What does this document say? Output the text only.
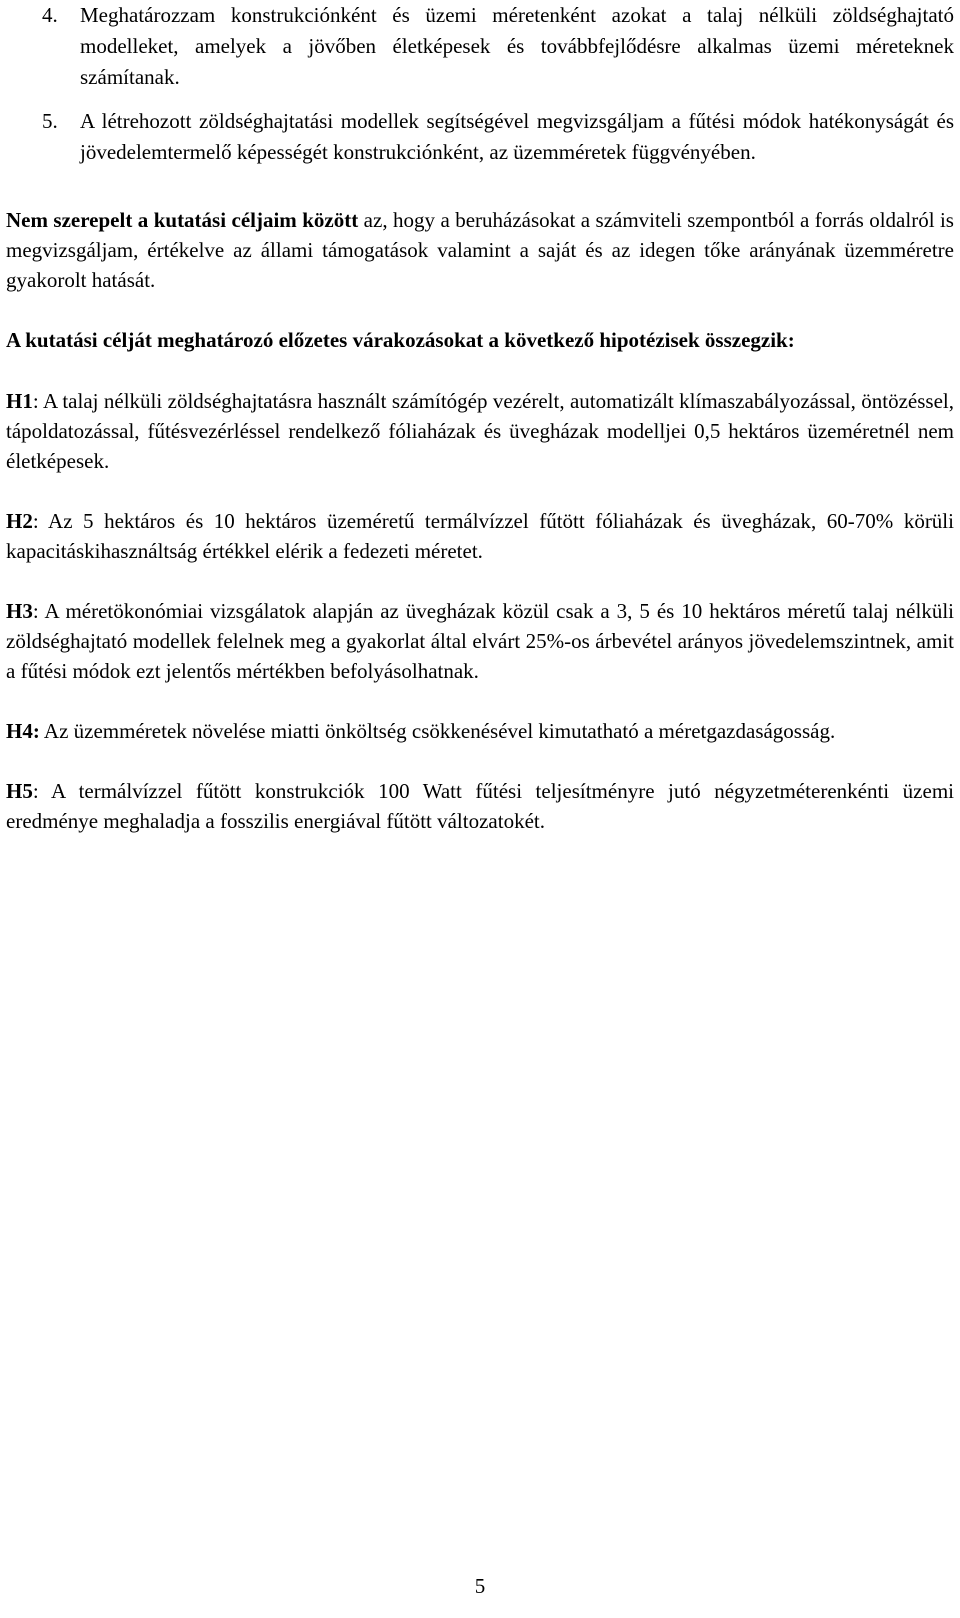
4. Meghatározzam konstrukciónként és üzemi méretenként azokat a talaj nélküli zöldséghajtató modelleket, amelyek a jövőben életképesek és továbbfejlődésre alkalmas üzemi méreteknek számítanak.
5. A létrehozott zöldséghajtatási modellek segítségével megvizsgáljam a fűtési módok hatékonyságát és jövedelemtermelő képességét konstrukciónként, az üzemméretek függvényében.

Nem szerepelt a kutatási céljaim között az, hogy a beruházásokat a számviteli szempontból a forrás oldalról is megvizsgáljam, értékelve az állami támogatások valamint a saját és az idegen tőke arányának üzemméretre gyakorolt hatását.

A kutatási célját meghatározó előzetes várakozásokat a következő hipotézisek összegzik:

H1: A talaj nélküli zöldséghajtatásra használt számítógép vezérelt, automatizált klímaszabályozással, öntözéssel, tápoldatozással, fűtésvezérléssel rendelkező fóliaházak és üvegházak modelljei 0,5 hektáros üzeméretnél nem életképesek.

H2: Az 5 hektáros és 10 hektáros üzeméretű termálvízzel fűtött fóliaházak és üvegházak, 60-70% körüli kapacitáskihasználtság értékkel elérik a fedezeti méretet.

H3: A méretökonómiai vizsgálatok alapján az üvegházak közül csak a 3, 5 és 10 hektáros méretű talaj nélküli zöldséghajtató modellek felelnek meg a gyakorlat által elvárt 25%-os árbevétel arányos jövedelemszintnek, amit a fűtési módok ezt jelentős mértékben befolyásolhatnak.

H4: Az üzemméretek növelése miatti önköltség csökkenésével kimutatható a méretgazdaságosság.

H5: A termálvízzel fűtött konstrukciók 100 Watt fűtési teljesítményre jutó négyzetméterenkénti üzemi eredménye meghaladja a fosszilis energiával fűtött változatokét.

5
